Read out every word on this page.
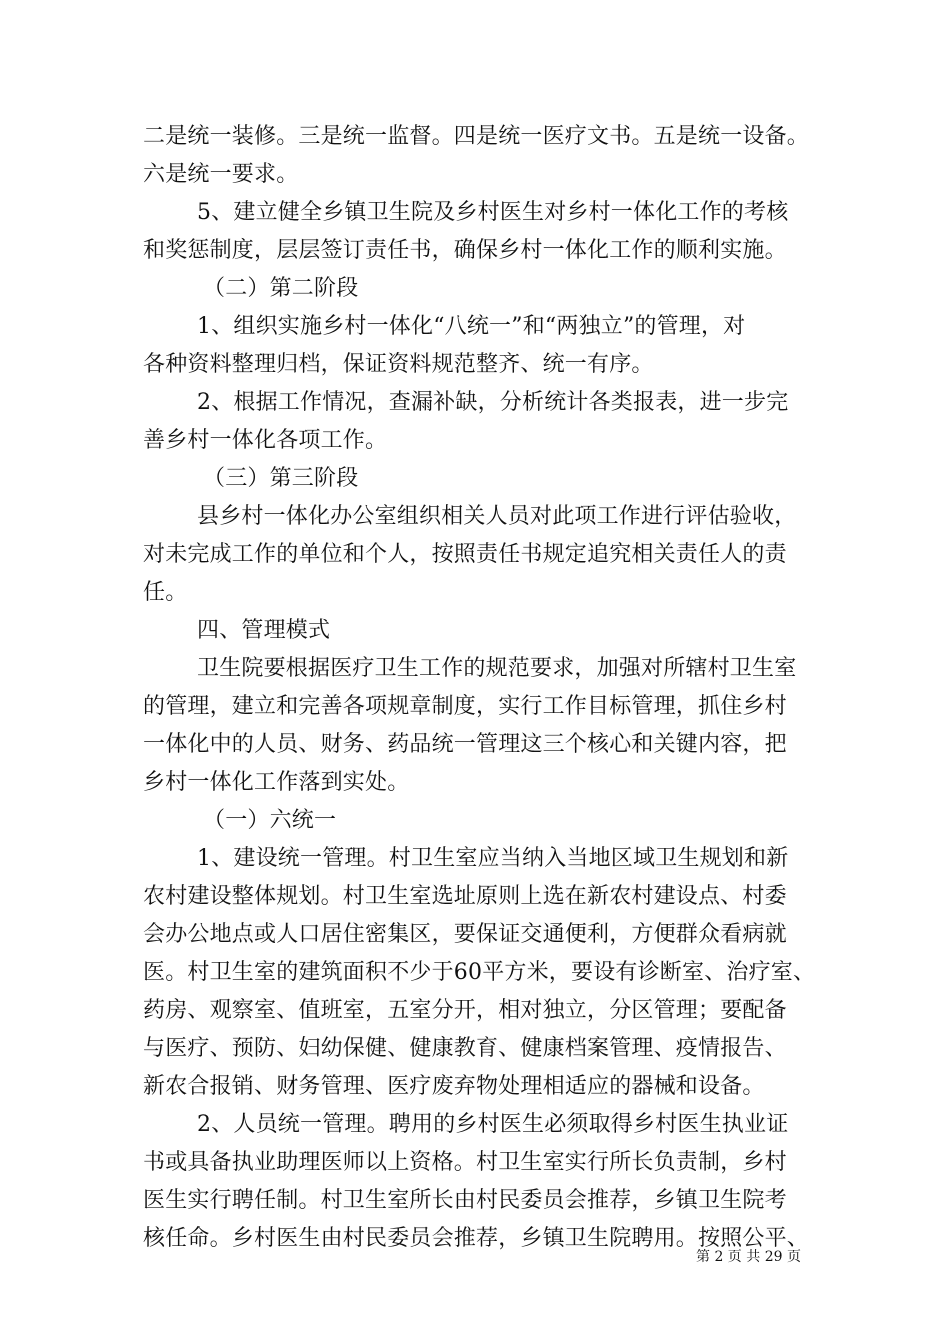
二是统一装修。三是统一监督。四是统一医疗文书。五是统一设备。
六是统一要求。
5、建立健全乡镇卫生院及乡村医生对乡村一体化工作的考核
和奖惩制度，层层签订责任书，确保乡村一体化工作的顺利实施。
（二）第二阶段
1、组织实施乡村一体化“八统一”和“两独立”的管理，对
各种资料整理归档，保证资料规范整齐、统一有序。
2、根据工作情况，查漏补缺，分析统计各类报表，进一步完
善乡村一体化各项工作。
（三）第三阶段
县乡村一体化办公室组织相关人员对此项工作进行评估验收，
对未完成工作的单位和个人，按照责任书规定追究相关责任人的责
任。
四、管理模式
卫生院要根据医疗卫生工作的规范要求，加强对所辖村卫生室
的管理，建立和完善各项规章制度，实行工作目标管理，抓住乡村
一体化中的人员、财务、药品统一管理这三个核心和关键内容，把
乡村一体化工作落到实处。
（一）六统一
1、建设统一管理。村卫生室应当纳入当地区域卫生规划和新
农村建设整体规划。村卫生室选址原则上选在新农村建设点、村委
会办公地点或人口居住密集区，要保证交通便利，方便群众看病就
医。村卫生室的建筑面积不少于60平方米，要设有诊断室、治疗室、
药房、观察室、值班室，五室分开，相对独立，分区管理；要配备
与医疗、预防、妇幼保健、健康教育、健康档案管理、疫情报告、
新农合报销、财务管理、医疗废弃物处理相适应的器械和设备。
2、人员统一管理。聘用的乡村医生必须取得乡村医生执业证
书或具备执业助理医师以上资格。村卫生室实行所长负责制，乡村
医生实行聘任制。村卫生室所长由村民委员会推荐，乡镇卫生院考
核任命。乡村医生由村民委员会推荐，乡镇卫生院聘用。按照公平、
第 2 页 共 29 页
